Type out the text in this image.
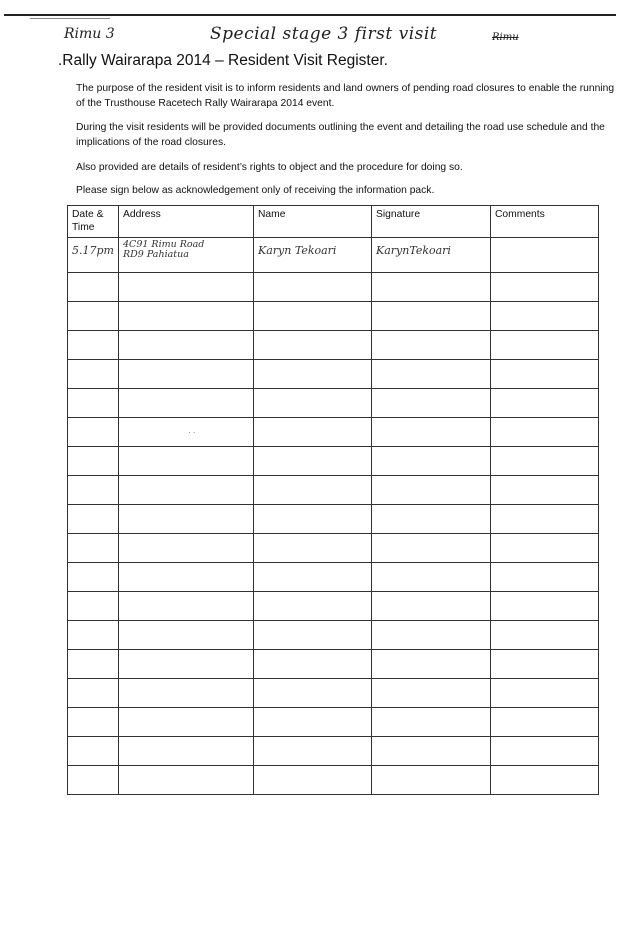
Rimu 3	Special stage 3 first visit	Rimu
.Rally Wairarapa 2014 – Resident Visit Register.

The purpose of the resident visit is to inform residents and land owners of pending road closures to enable the running of the Trusthouse Racetech Rally Wairarapa 2014 event.

During the visit residents will be provided documents outlining the event and detailing the road use schedule and the implications of the road closures.

Also provided are details of resident’s rights to object and the procedure for doing so.

Please sign below as acknowledgement only of receiving the information pack.

Date & Time	Address	Name	Signature	Comments
5.17pm	4C91 Rimu Road
RD9 Pahiatua	Karyn Tekoari	KarynTekoari	

· ·
